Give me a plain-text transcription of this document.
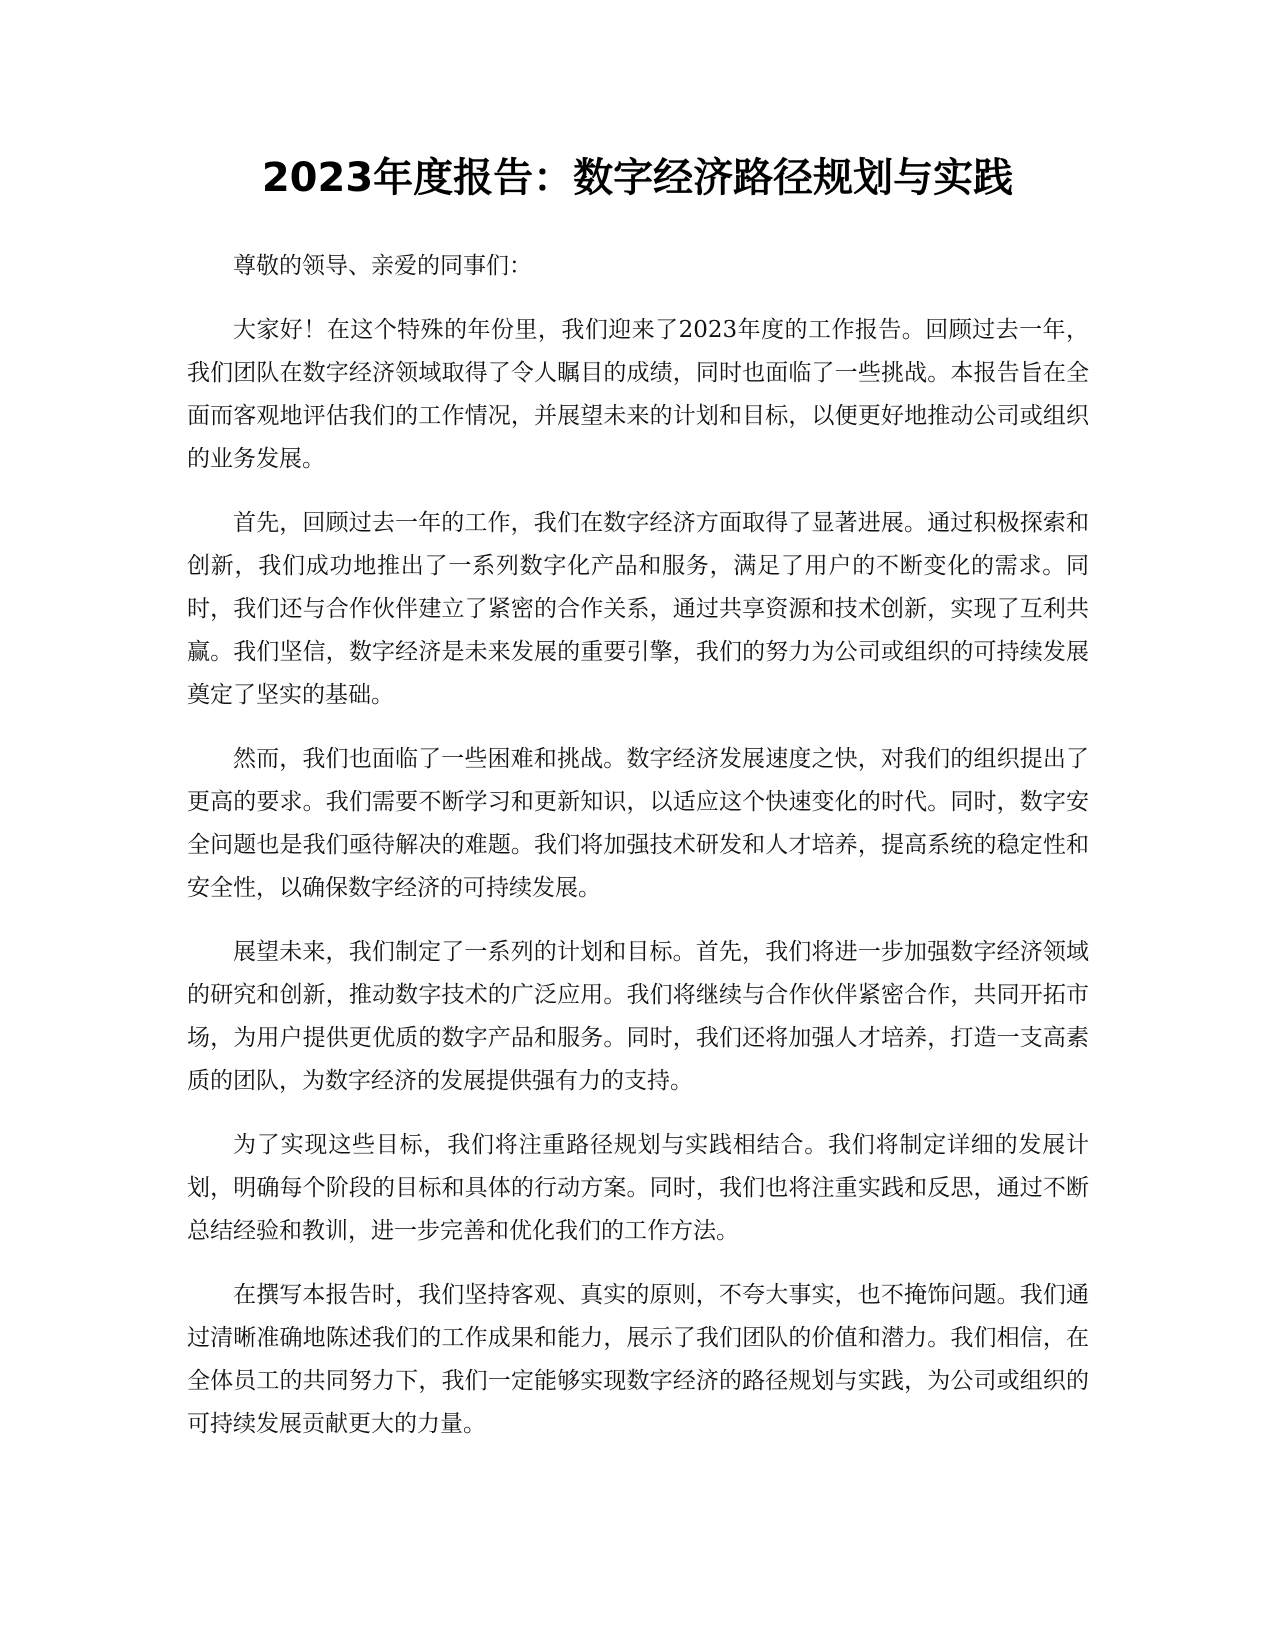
2023年度报告：数字经济路径规划与实践

尊敬的领导、亲爱的同事们：

大家好！在这个特殊的年份里，我们迎来了2023年度的工作报告。回顾过去一年，我们团队在数字经济领域取得了令人瞩目的成绩，同时也面临了一些挑战。本报告旨在全面而客观地评估我们的工作情况，并展望未来的计划和目标，以便更好地推动公司或组织的业务发展。

首先，回顾过去一年的工作，我们在数字经济方面取得了显著进展。通过积极探索和创新，我们成功地推出了一系列数字化产品和服务，满足了用户的不断变化的需求。同时，我们还与合作伙伴建立了紧密的合作关系，通过共享资源和技术创新，实现了互利共赢。我们坚信，数字经济是未来发展的重要引擎，我们的努力为公司或组织的可持续发展奠定了坚实的基础。

然而，我们也面临了一些困难和挑战。数字经济发展速度之快，对我们的组织提出了更高的要求。我们需要不断学习和更新知识，以适应这个快速变化的时代。同时，数字安全问题也是我们亟待解决的难题。我们将加强技术研发和人才培养，提高系统的稳定性和安全性，以确保数字经济的可持续发展。

展望未来，我们制定了一系列的计划和目标。首先，我们将进一步加强数字经济领域的研究和创新，推动数字技术的广泛应用。我们将继续与合作伙伴紧密合作，共同开拓市场，为用户提供更优质的数字产品和服务。同时，我们还将加强人才培养，打造一支高素质的团队，为数字经济的发展提供强有力的支持。

为了实现这些目标，我们将注重路径规划与实践相结合。我们将制定详细的发展计划，明确每个阶段的目标和具体的行动方案。同时，我们也将注重实践和反思，通过不断总结经验和教训，进一步完善和优化我们的工作方法。

在撰写本报告时，我们坚持客观、真实的原则，不夸大事实，也不掩饰问题。我们通过清晰准确地陈述我们的工作成果和能力，展示了我们团队的价值和潜力。我们相信，在全体员工的共同努力下，我们一定能够实现数字经济的路径规划与实践，为公司或组织的可持续发展贡献更大的力量。
